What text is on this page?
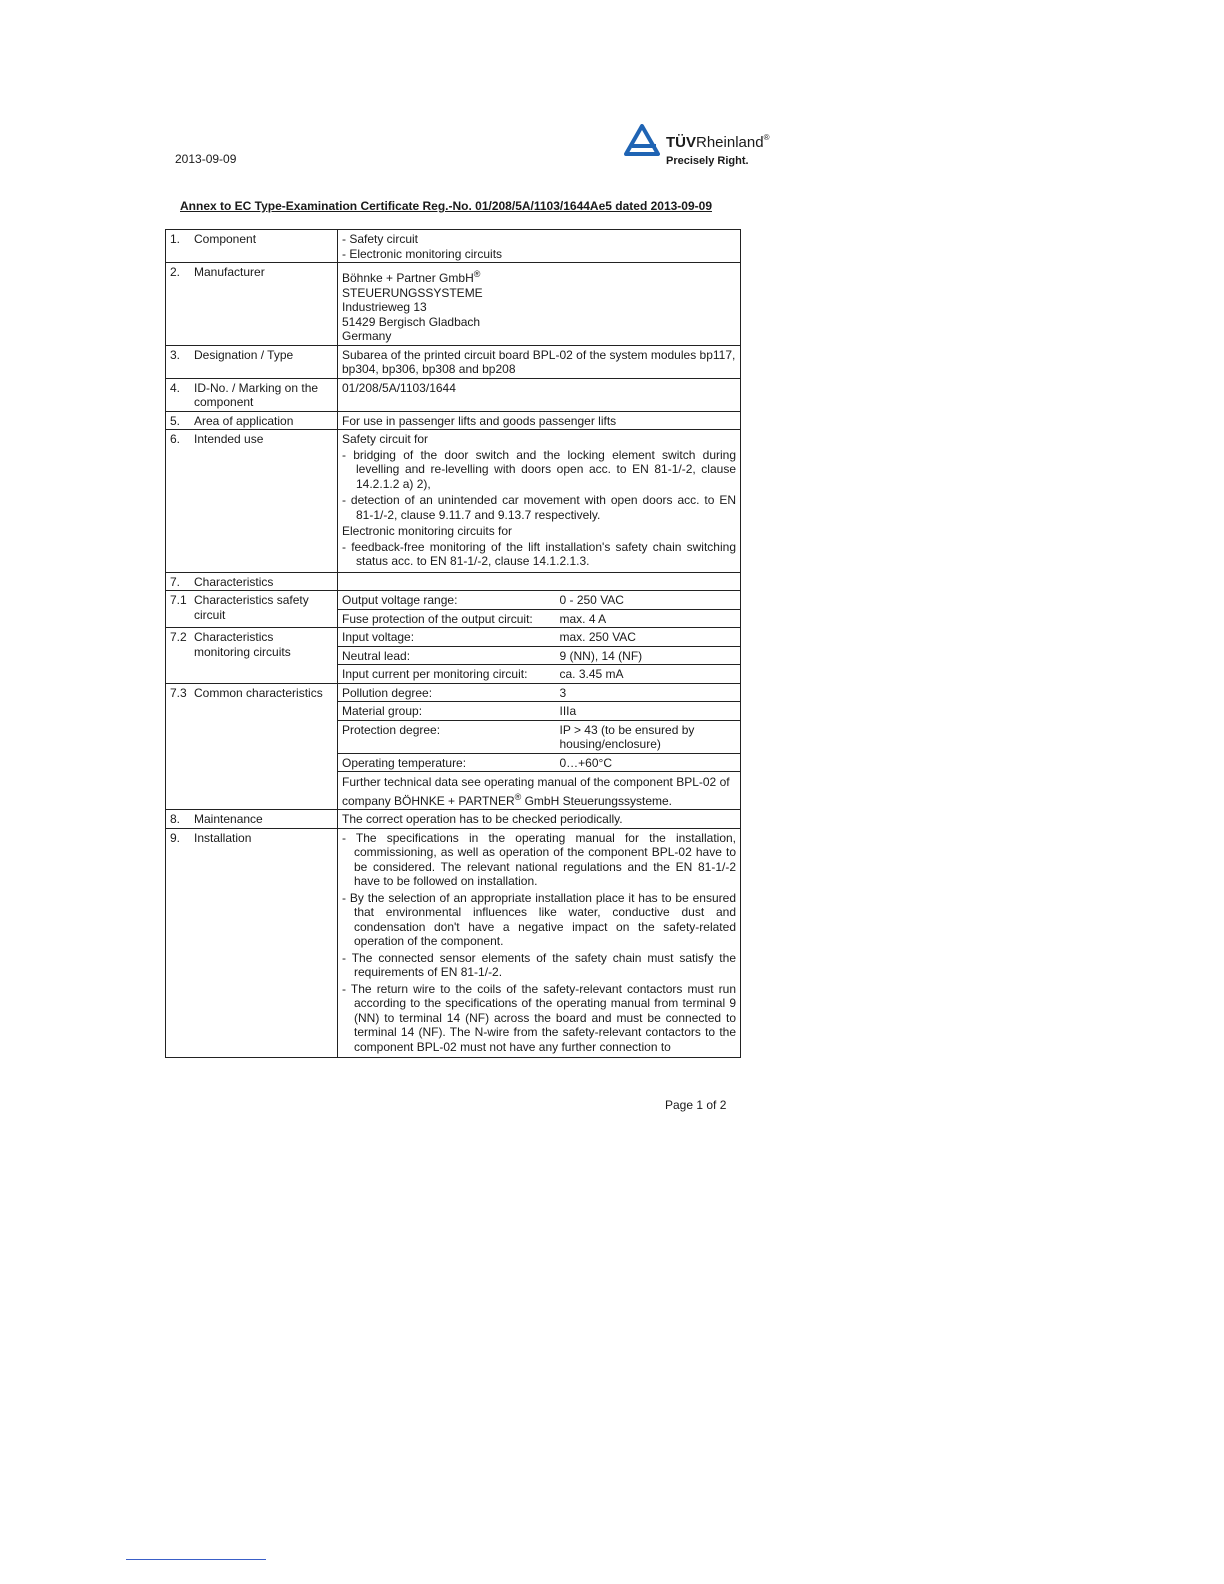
2013-09-09
TÜVRheinland®
Precisely Right.
Annex to EC Type-Examination Certificate Reg.-No. 01/208/5A/1103/1644Ae5 dated 2013-09-09
1. Component	- Safety circuit
- Electronic monitoring circuits	

2. Manufacturer	Böhnke + Partner GmbH®
STEUERUNGSSYSTEME
Industrieweg 13
51429 Bergisch Gladbach
Germany	

3. Designation / Type	Subarea of the printed circuit board BPL-02 of the system modules bp117, bp304, bp306, bp308 and bp208	
4. ID-No. / Marking on the component	01/208/5A/1103/1644	
5. Area of application	For use in passenger lifts and goods passenger lifts	
6. Intended use	Safety circuit for
- bridging of the door switch and the locking element switch during levelling and re-levelling with doors open acc. to EN 81-1/-2, clause 14.2.1.2 a) 2),
- detection of an unintended car movement with open doors acc. to EN 81-1/-2, clause 9.11.7 and 9.13.7 respectively.
Electronic monitoring circuits for
- feedback-free monitoring of the lift installation's safety chain switching status acc. to EN 81-1/-2, clause 14.1.2.1.3.	

7. Characteristics		
7.1 Characteristics safety circuit	Output voltage range:	0 - 250 VAC
	Fuse protection of the output circuit:	max. 4 A
7.2 Characteristics monitoring circuits	Input voltage:	max. 250 VAC
	Neutral lead:	9 (NN), 14 (NF)
	Input current per monitoring circuit:	ca. 3.45 mA
7.3 Common characteristics	Pollution degree:	3
	Material group:	IIIa
	Protection degree:	IP > 43 (to be ensured by housing/enclosure)
	Operating temperature:	0…+60°C
	Further technical data see operating manual of the component BPL-02 of company BÖHNKE + PARTNER® GmbH Steuerungssysteme.	
8. Maintenance	The correct operation has to be checked periodically.	
9. Installation	- The specifications in the operating manual for the installation, commissioning, as well as operation of the component BPL-02 have to be considered. The relevant national regulations and the EN 81-1/-2 have to be followed on installation.
- By the selection of an appropriate installation place it has to be ensured that environmental influences like water, conductive dust and condensation don't have a negative impact on the safety-related operation of the component.
- The connected sensor elements of the safety chain must satisfy the requirements of EN 81-1/-2.
- The return wire to the coils of the safety-relevant contactors must run according to the specifications of the operating manual from terminal 9 (NN) to terminal 14 (NF) across the board and must be connected to terminal 14 (NF). The N-wire from the safety-relevant contactors to the component BPL-02 must not have any further connection to	
Page 1 of 2
